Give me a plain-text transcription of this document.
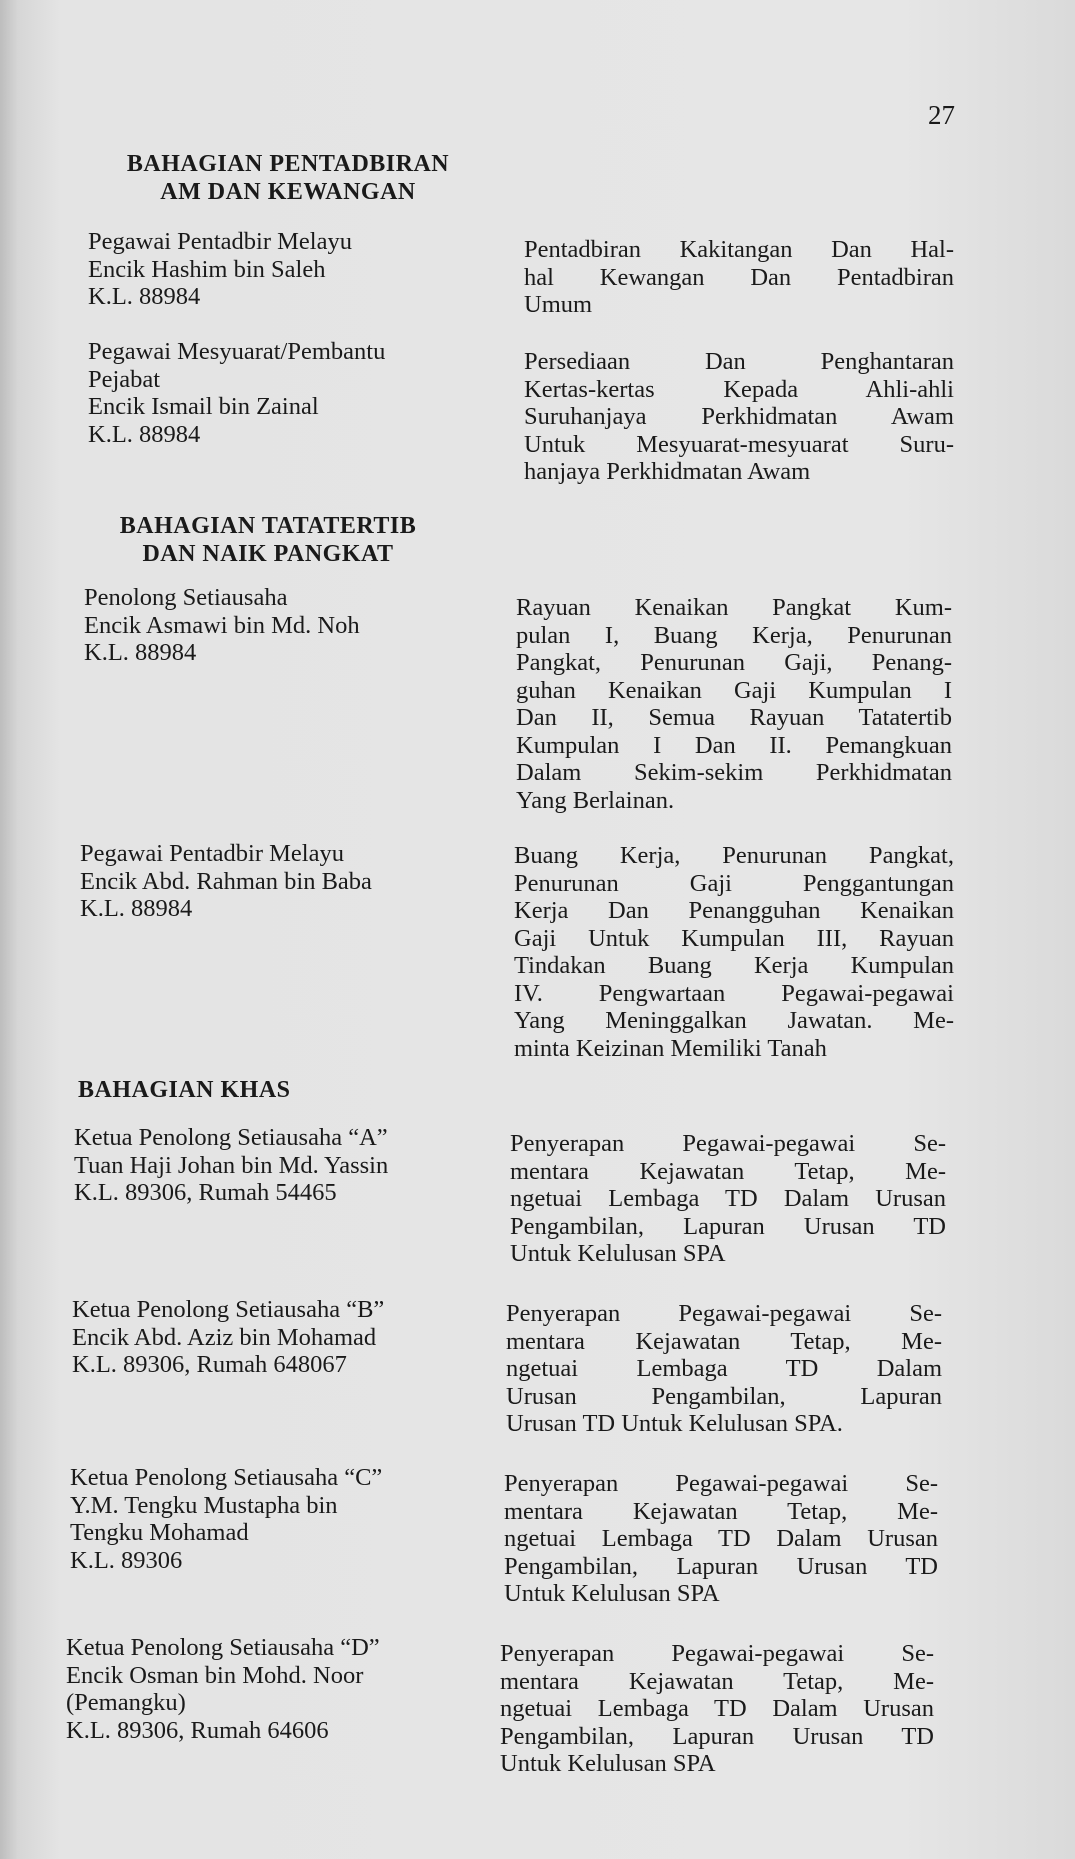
27
BAHAGIAN PENTADBIRAN
AM DAN KEWANGAN
Pegawai Pentadbir Melayu
Encik Hashim bin Saleh
K.L. 88984
Pentadbiran Kakitangan Dan Hal-
hal Kewangan Dan Pentadbiran
Umum
Pegawai Mesyuarat/Pembantu
Pejabat
Encik Ismail bin Zainal
K.L. 88984
Persediaan Dan Penghantaran
Kertas-kertas Kepada Ahli-ahli
Suruhanjaya Perkhidmatan Awam
Untuk Mesyuarat-mesyuarat Suru-
hanjaya Perkhidmatan Awam
BAHAGIAN TATATERTIB
DAN NAIK PANGKAT
Penolong Setiausaha
Encik Asmawi bin Md. Noh
K.L. 88984
Rayuan Kenaikan Pangkat Kum-
pulan I, Buang Kerja, Penurunan
Pangkat, Penurunan Gaji, Penang-
guhan Kenaikan Gaji Kumpulan I
Dan II, Semua Rayuan Tatatertib
Kumpulan I Dan II. Pemangkuan
Dalam Sekim-sekim Perkhidmatan
Yang Berlainan.
Pegawai Pentadbir Melayu
Encik Abd. Rahman bin Baba
K.L. 88984
Buang Kerja, Penurunan Pangkat,
Penurunan Gaji Penggantungan
Kerja Dan Penangguhan Kenaikan
Gaji Untuk Kumpulan III, Rayuan
Tindakan Buang Kerja Kumpulan
IV. Pengwartaan Pegawai-pegawai
Yang Meninggalkan Jawatan. Me-
minta Keizinan Memiliki Tanah
BAHAGIAN KHAS
Ketua Penolong Setiausaha “A”
Tuan Haji Johan bin Md. Yassin
K.L. 89306, Rumah 54465
Penyerapan Pegawai-pegawai Se-
mentara Kejawatan Tetap, Me-
ngetuai Lembaga TD Dalam Urusan
Pengambilan, Lapuran Urusan TD
Untuk Kelulusan SPA
Ketua Penolong Setiausaha “B”
Encik Abd. Aziz bin Mohamad
K.L. 89306, Rumah 648067
Penyerapan Pegawai-pegawai Se-
mentara Kejawatan Tetap, Me-
ngetuai Lembaga TD Dalam
Urusan Pengambilan, Lapuran
Urusan TD Untuk Kelulusan SPA.
Ketua Penolong Setiausaha “C”
Y.M. Tengku Mustapha bin
Tengku Mohamad
K.L. 89306
Penyerapan Pegawai-pegawai Se-
mentara Kejawatan Tetap, Me-
ngetuai Lembaga TD Dalam Urusan
Pengambilan, Lapuran Urusan TD
Untuk Kelulusan SPA
Ketua Penolong Setiausaha “D”
Encik Osman bin Mohd. Noor
(Pemangku)
K.L. 89306, Rumah 64606
Penyerapan Pegawai-pegawai Se-
mentara Kejawatan Tetap, Me-
ngetuai Lembaga TD Dalam Urusan
Pengambilan, Lapuran Urusan TD
Untuk Kelulusan SPA
